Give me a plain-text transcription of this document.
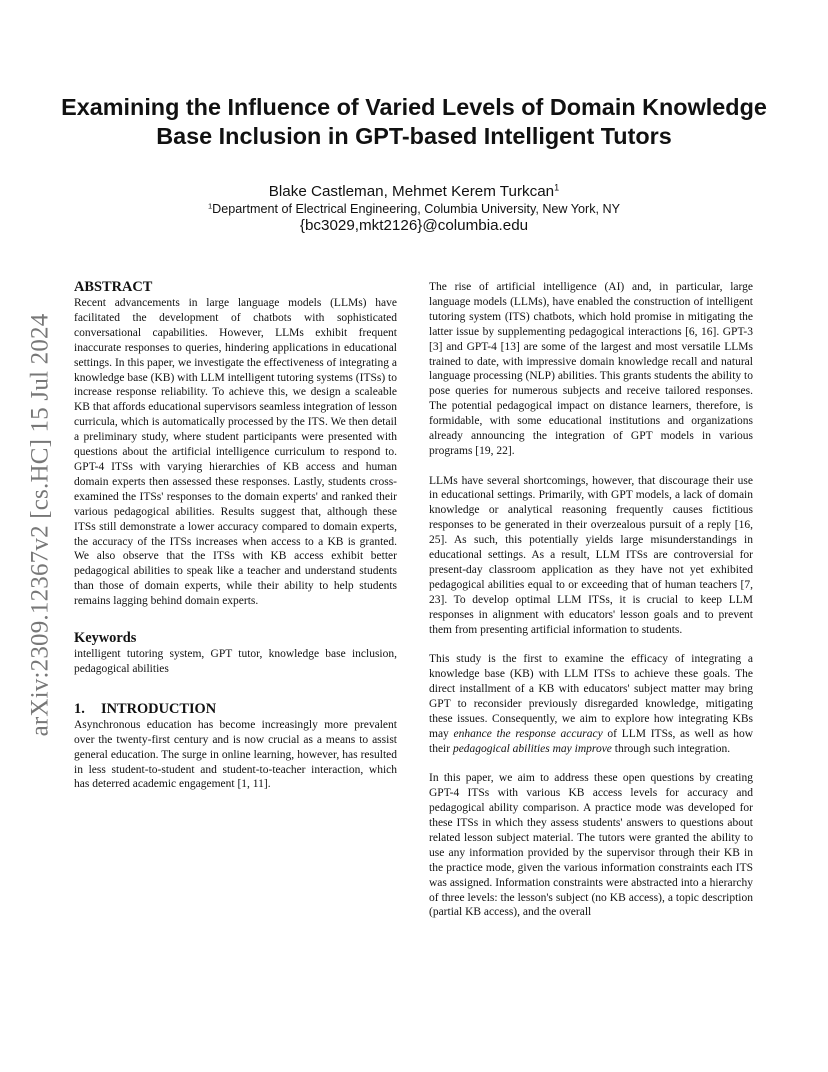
arXiv:2309.12367v2 [cs.HC] 15 Jul 2024
Examining the Influence of Varied Levels of Domain Knowledge Base Inclusion in GPT-based Intelligent Tutors
Blake Castleman, Mehmet Kerem Turkcan$^1$
$^1$Department of Electrical Engineering, Columbia University, New York, NY
{bc3029,mkt2126}@columbia.edu
ABSTRACT

Recent advancements in large language models (LLMs) have facilitated the development of chatbots with sophisticated conversational capabilities. However, LLMs exhibit frequent inaccurate responses to queries, hindering applications in educational settings. In this paper, we investigate the effectiveness of integrating a knowledge base (KB) with LLM intelligent tutoring systems (ITSs) to increase response reliability. To achieve this, we design a scaleable KB that affords educational supervisors seamless integration of lesson curricula, which is automatically processed by the ITS. We then detail a preliminary study, where student participants were presented with questions about the artificial intelligence curriculum to respond to. GPT-4 ITSs with varying hierarchies of KB access and human domain experts then assessed these responses. Lastly, students cross-examined the ITSs' responses to the domain experts' and ranked their various pedagogical abilities. Results suggest that, although these ITSs still demonstrate a lower accuracy compared to domain experts, the accuracy of the ITSs increases when access to a KB is granted. We also observe that the ITSs with KB access exhibit better pedagogical abilities to speak like a teacher and understand students than those of domain experts, while their ability to help students remains lagging behind domain experts.

Keywords

intelligent tutoring system, GPT tutor, knowledge base inclusion, pedagogical abilities

1. INTRODUCTION

Asynchronous education has become increasingly more prevalent over the twenty-first century and is now crucial as a means to assist general education. The surge in online learning, however, has resulted in less student-to-student and student-to-teacher interaction, which has deterred academic engagement [1, 11].

The rise of artificial intelligence (AI) and, in particular, large language models (LLMs), have enabled the construction of intelligent tutoring system (ITS) chatbots, which hold promise in mitigating the latter issue by supplementing pedagogical interactions [6, 16]. GPT-3 [3] and GPT-4 [13] are some of the largest and most versatile LLMs trained to date, with impressive domain knowledge recall and natural language processing (NLP) abilities. This grants students the ability to pose queries for numerous subjects and receive tailored responses. The potential pedagogical impact on distance learners, therefore, is formidable, with some educational institutions and organizations already announcing the integration of GPT models in various programs [19, 22].

LLMs have several shortcomings, however, that discourage their use in educational settings. Primarily, with GPT models, a lack of domain knowledge or analytical reasoning frequently causes fictitious responses to be generated in their overzealous pursuit of a reply [16, 25]. As such, this potentially yields large misunderstandings in educational settings. As a result, LLM ITSs are controversial for present-day classroom application as they have not yet exhibited pedagogical abilities equal to or exceeding that of human teachers [7, 23]. To develop optimal LLM ITSs, it is crucial to keep LLM responses in alignment with educators' lesson goals and to prevent them from presenting artificial information to students.

This study is the first to examine the efficacy of integrating a knowledge base (KB) with LLM ITSs to achieve these goals. The direct installment of a KB with educators' subject matter may bring GPT to reconsider previously disregarded knowledge, mitigating these issues. Consequently, we aim to explore how integrating KBs may enhance the response accuracy of LLM ITSs, as well as how their pedagogical abilities may improve through such integration.

In this paper, we aim to address these open questions by creating GPT-4 ITSs with various KB access levels for accuracy and pedagogical ability comparison. A practice mode was developed for these ITSs in which they assess students' answers to questions about related lesson subject material. The tutors were granted the ability to use any information provided by the supervisor through their KB in the practice mode, given the various information constraints each ITS was assigned. Information constraints were abstracted into a hierarchy of three levels: the lesson's subject (no KB access), a topic description (partial KB access), and the overall
